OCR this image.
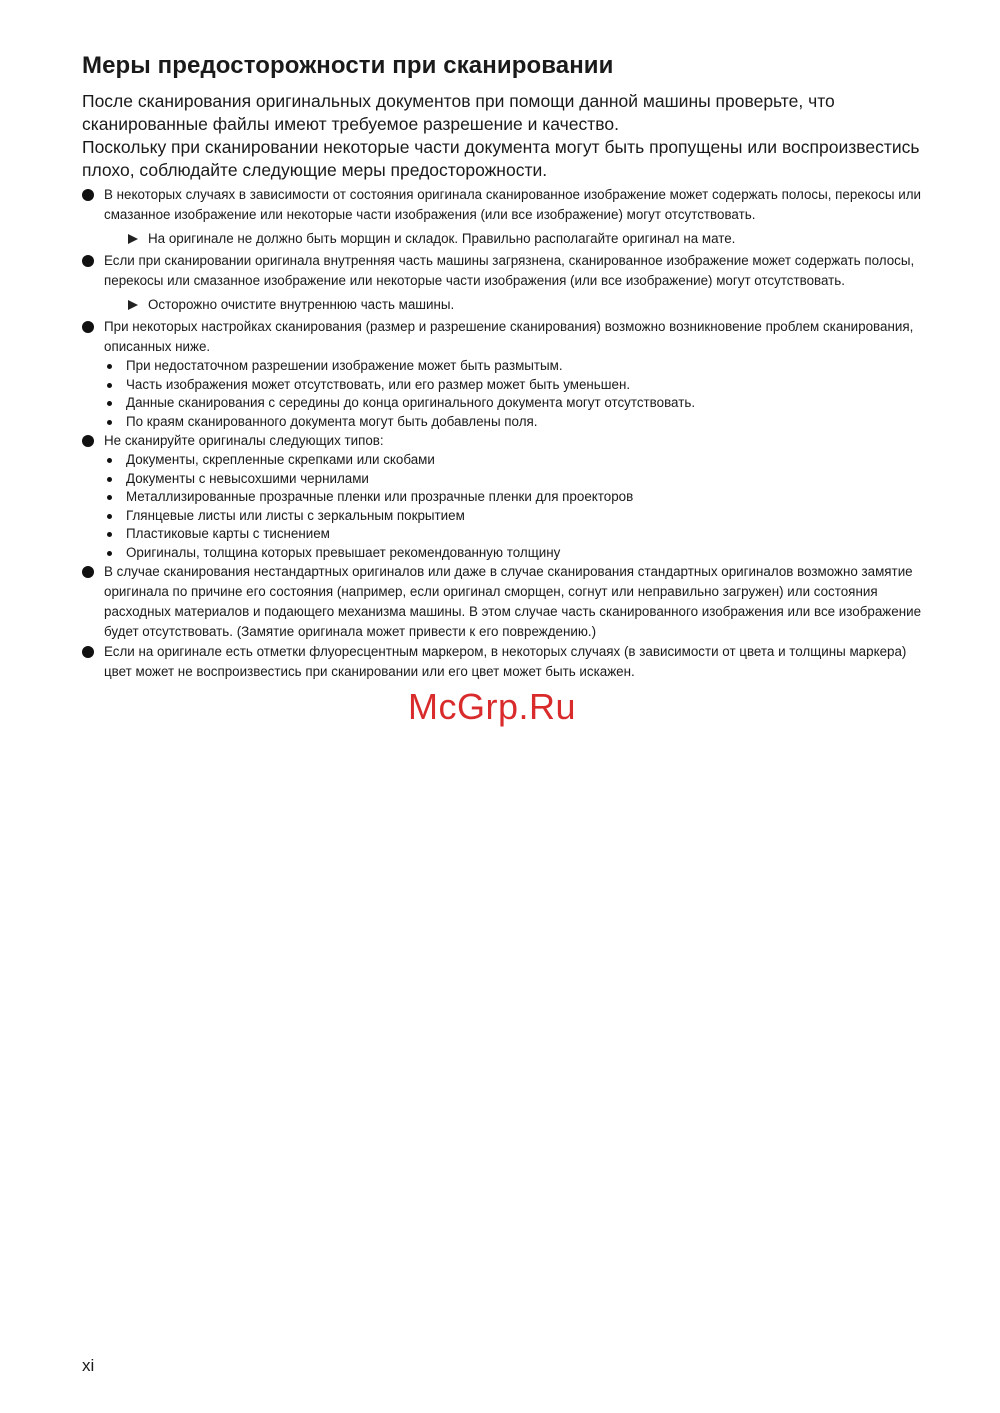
Меры предосторожности при сканировании

После сканирования оригинальных документов при помощи данной машины проверьте, что сканированные файлы имеют требуемое разрешение и качество.

Поскольку при сканировании некоторые части документа могут быть пропущены или воспроизвестись плохо, соблюдайте следующие меры предосторожности.

В некоторых случаях в зависимости от состояния оригинала сканированное изображение может содержать полосы, перекосы или смазанное изображение или некоторые части изображения (или все изображение) могут отсутствовать.
На оригинале не должно быть морщин и складок. Правильно располагайте оригинал на мате.
Если при сканировании оригинала внутренняя часть машины загрязнена, сканированное изображение может содержать полосы, перекосы или смазанное изображение или некоторые части изображения (или все изображение) могут отсутствовать.
Осторожно очистите внутреннюю часть машины.
При некоторых настройках сканирования (размер и разрешение сканирования) возможно возникновение проблем сканирования, описанных ниже.
При недостаточном разрешении изображение может быть размытым.
Часть изображения может отсутствовать, или его размер может быть уменьшен.
Данные сканирования с середины до конца оригинального документа могут отсутствовать.
По краям сканированного документа могут быть добавлены поля.
Не сканируйте оригиналы следующих типов:
Документы, скрепленные скрепками или скобами
Документы с невысохшими чернилами
Металлизированные прозрачные пленки или прозрачные пленки для проекторов
Глянцевые листы или листы с зеркальным покрытием
Пластиковые карты с тиснением
Оригиналы, толщина которых превышает рекомендованную толщину
В случае сканирования нестандартных оригиналов или даже в случае сканирования стандартных оригиналов возможно замятие оригинала по причине его состояния (например, если оригинал сморщен, согнут или неправильно загружен) или состояния расходных материалов и подающего механизма машины. В этом случае часть сканированного изображения или все изображение будет отсутствовать. (Замятие оригинала может привести к его повреждению.)
Если на оригинале есть отметки флуоресцентным маркером, в некоторых случаях (в зависимости от цвета и толщины маркера) цвет может не воспроизвестись при сканировании или его цвет может быть искажен.
McGrp.Ru
xi
